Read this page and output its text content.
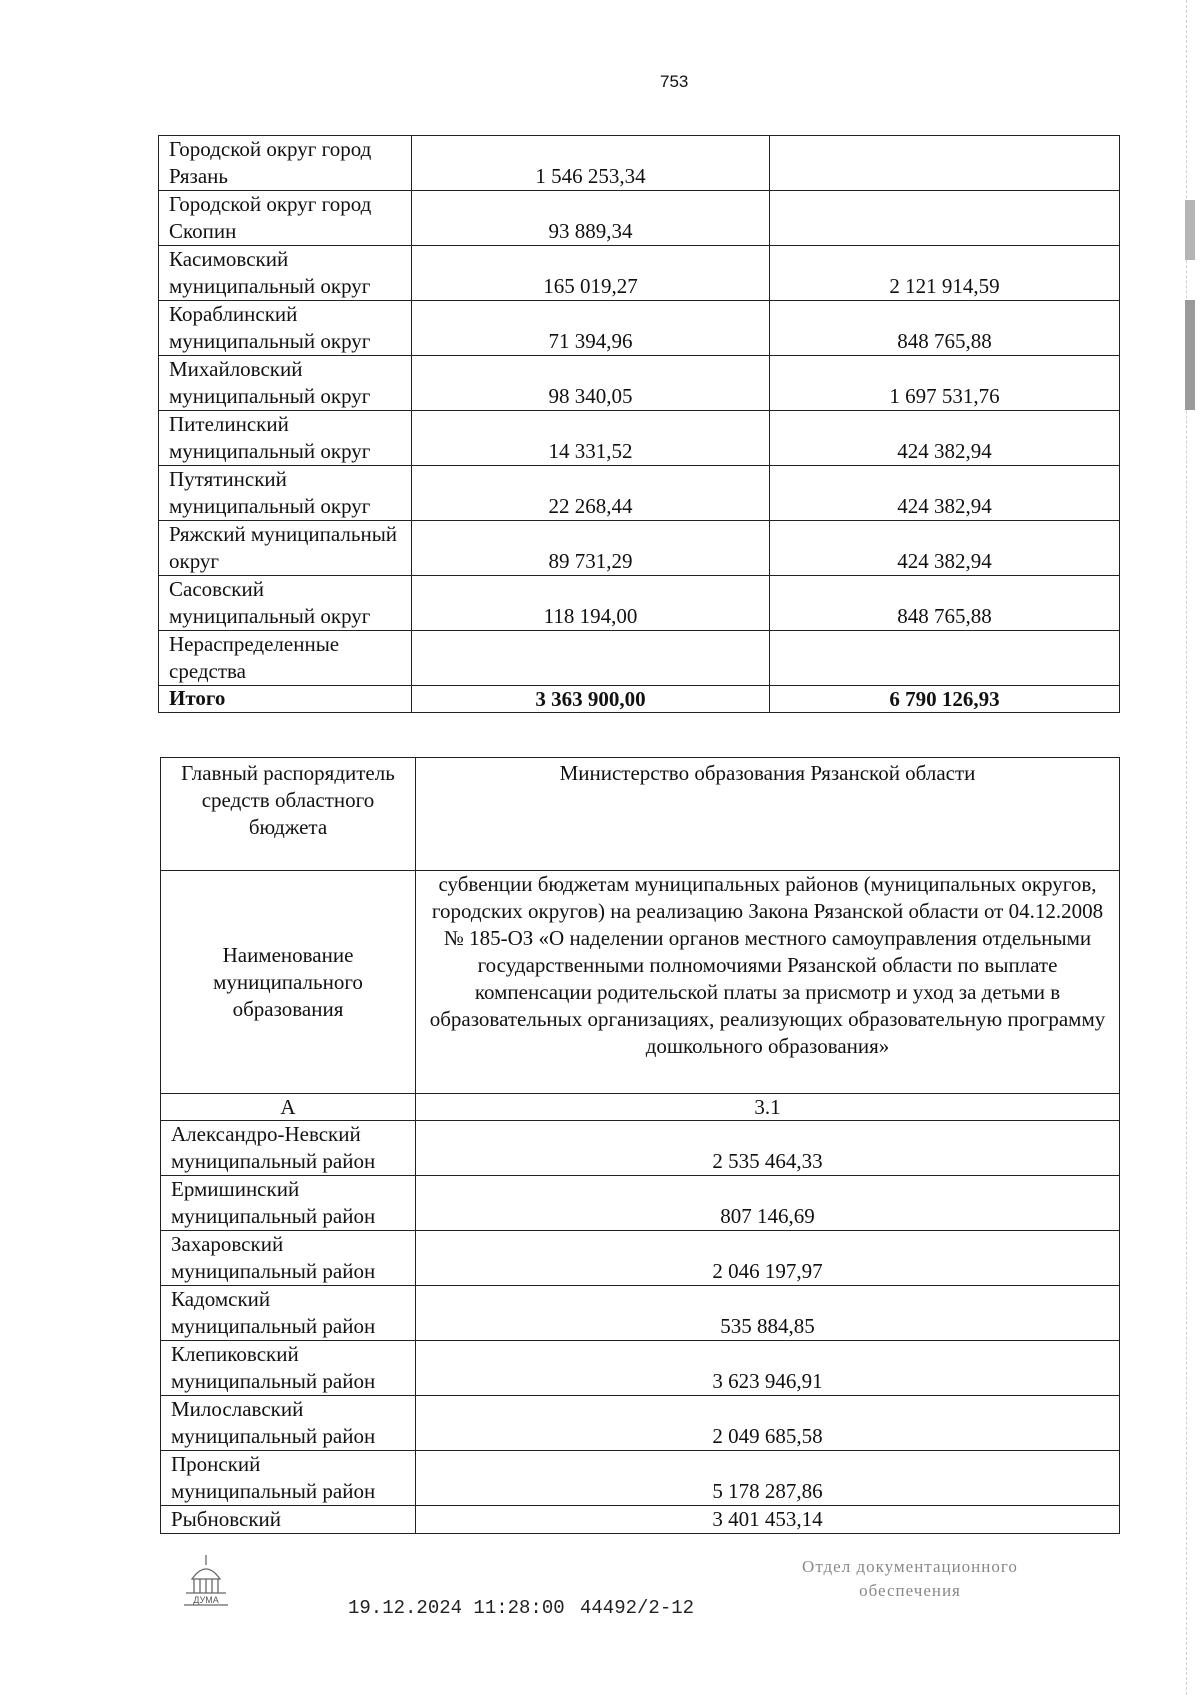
753
Городской округ город Рязань	1 546 253,34	
Городской округ город Скопин	93 889,34	
Касимовский муниципальный округ	165 019,27	2 121 914,59
Кораблинский муниципальный округ	71 394,96	848 765,88
Михайловский муниципальный округ	98 340,05	1 697 531,76
Пителинский муниципальный округ	14 331,52	424 382,94
Путятинский муниципальный округ	22 268,44	424 382,94
Ряжский муниципальный округ	89 731,29	424 382,94
Сасовский муниципальный округ	118 194,00	848 765,88
Нераспределенные средства		
Итого	3 363 900,00	6 790 126,93
Главный распорядитель средств областного бюджета	Министерство образования Рязанской области
Наименование муниципального образования	субвенции бюджетам муниципальных районов (муниципальных округов, городских округов) на реализацию Закона Рязанской области от 04.12.2008 № 185-ОЗ «О наделении органов местного самоуправления отдельными государственными полномочиями Рязанской области по выплате компенсации родительской платы за присмотр и уход за детьми в образовательных организациях, реализующих образовательную программу дошкольного образования»
А	3.1
Александро-Невский муниципальный район	2 535 464,33
Ермишинский муниципальный район	807 146,69
Захаровский муниципальный район	2 046 197,97
Кадомский муниципальный район	535 884,85
Клепиковский муниципальный район	3 623 946,91
Милославский муниципальный район	2 049 685,58
Пронский муниципальный район	5 178 287,86
Рыбновский	3 401 453,14
ДУМА	19.12.2024 11:28:00 44492/2-12
Отдел документационного
обеспечения
